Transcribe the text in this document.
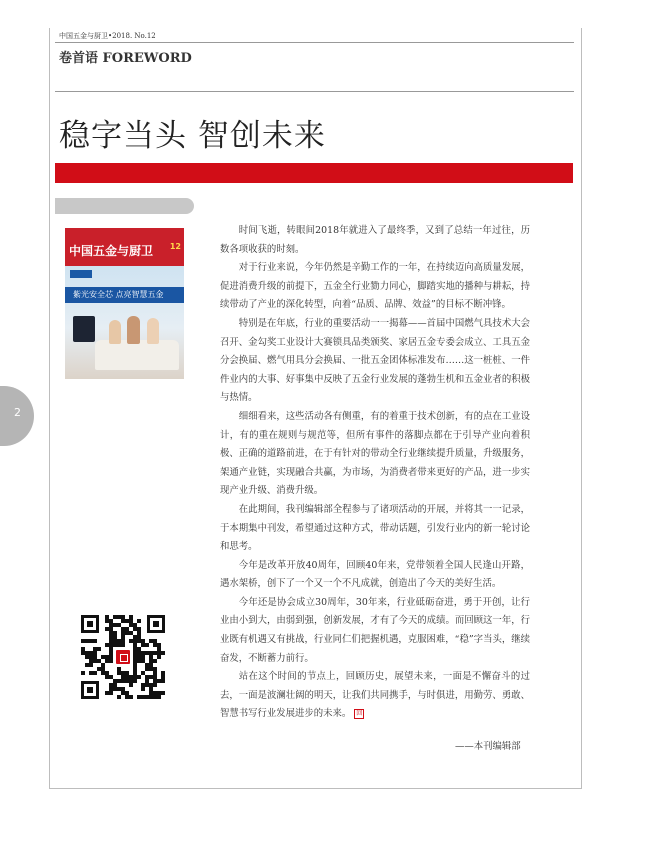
中国五金与厨卫•2018. No.12
卷首语 FOREWORD
稳字当头 智创未来
中国五金与厨卫 12
紫光安全芯 点亮智慧五金
2

时间飞逝，转眼间2018年就进入了最终季，又到了总结一年过往，历数各项收获的时刻。

对于行业来说，今年仍然是辛勤工作的一年，在持续迈向高质量发展，促进消费升级的前提下，五金全行业勠力同心，脚踏实地的播种与耕耘，持续带动了产业的深化转型，向着“品质、品牌、效益”的目标不断冲锋。

特别是在年底，行业的重要活动一一揭幕——首届中国燃气具技术大会召开、金勾奖工业设计大赛锁具品类颁奖、家居五金专委会成立、工具五金分会换届、燃气用具分会换届、一批五金团体标准发布……这一桩桩、一件件业内的大事、好事集中反映了五金行业发展的蓬勃生机和五金业者的积极与热情。

细细看来，这些活动各有侧重，有的着重于技术创新，有的点在工业设计，有的重在规则与规范等，但所有事件的落脚点都在于引导产业向着积极、正确的道路前进，在于有针对的带动全行业继续提升质量，升级服务，架通产业链，实现融合共赢，为市场，为消费者带来更好的产品，进一步实现产业升级、消费升级。

在此期间，我刊编辑部全程参与了诸项活动的开展，并将其一一记录，于本期集中刊发，希望通过这种方式，带动话题，引发行业内的新一轮讨论和思考。

今年是改革开放40周年，回顾40年来，党带领着全国人民逢山开路，遇水架桥，创下了一个又一个不凡成就，创造出了今天的美好生活。

今年还是协会成立30周年，30年来，行业砥砺奋进，勇于开创，让行业由小到大，由弱到强，创新发展，才有了今天的成绩。而回顾这一年，行业既有机遇又有挑战，行业同仁们把握机遇，克服困难，“稳”字当头，继续奋发，不断蓄力前行。

站在这个时间的节点上，回顾历史，展望未来，一面是不懈奋斗的过去，一面是波澜壮阔的明天，让我们共同携手，与时俱进，用勤劳、勇敢、智慧书写行业发展进步的未来。 回

——本刊编辑部
